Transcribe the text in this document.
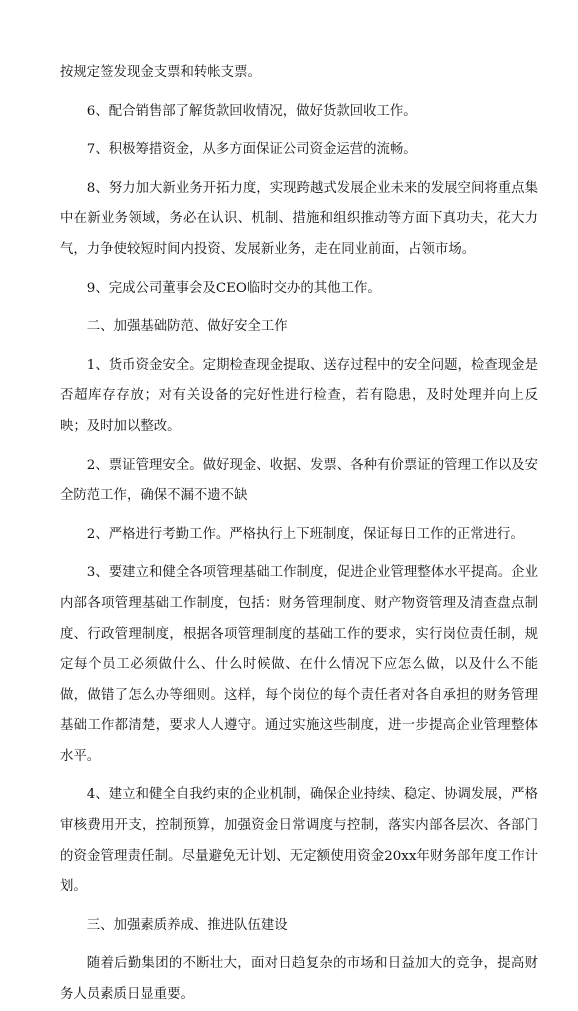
按规定签发现金支票和转帐支票。

6、配合销售部了解货款回收情况，做好货款回收工作。

7、积极筹措资金，从多方面保证公司资金运营的流畅。

8、努力加大新业务开拓力度，实现跨越式发展企业未来的发展空间将重点集中在新业务领域，务必在认识、机制、措施和组织推动等方面下真功夫，花大力气，力争使较短时间内投资、发展新业务，走在同业前面，占领市场。

9、完成公司董事会及CEO临时交办的其他工作。

二、加强基础防范、做好安全工作

1、货币资金安全。定期检查现金提取、送存过程中的安全问题，检查现金是否超库存存放；对有关设备的完好性进行检查，若有隐患，及时处理并向上反映；及时加以整改。

2、票证管理安全。做好现金、收据、发票、各种有价票证的管理工作以及安全防范工作，确保不漏不遗不缺

2、严格进行考勤工作。严格执行上下班制度，保证每日工作的正常进行。

3、要建立和健全各项管理基础工作制度，促进企业管理整体水平提高。企业内部各项管理基础工作制度，包括：财务管理制度、财产物资管理及清查盘点制度、行政管理制度，根据各项管理制度的基础工作的要求，实行岗位责任制，规定每个员工必须做什么、什么时候做、在什么情况下应怎么做，以及什么不能做，做错了怎么办等细则。这样，每个岗位的每个责任者对各自承担的财务管理基础工作都清楚，要求人人遵守。通过实施这些制度，进一步提高企业管理整体水平。

4、建立和健全自我约束的企业机制，确保企业持续、稳定、协调发展，严格审核费用开支，控制预算，加强资金日常调度与控制，落实内部各层次、各部门的资金管理责任制。尽量避免无计划、无定额使用资金20xx年财务部年度工作计划。

三、加强素质养成、推进队伍建设

随着后勤集团的不断壮大，面对日趋复杂的市场和日益加大的竞争，提高财务人员素质日显重要。
